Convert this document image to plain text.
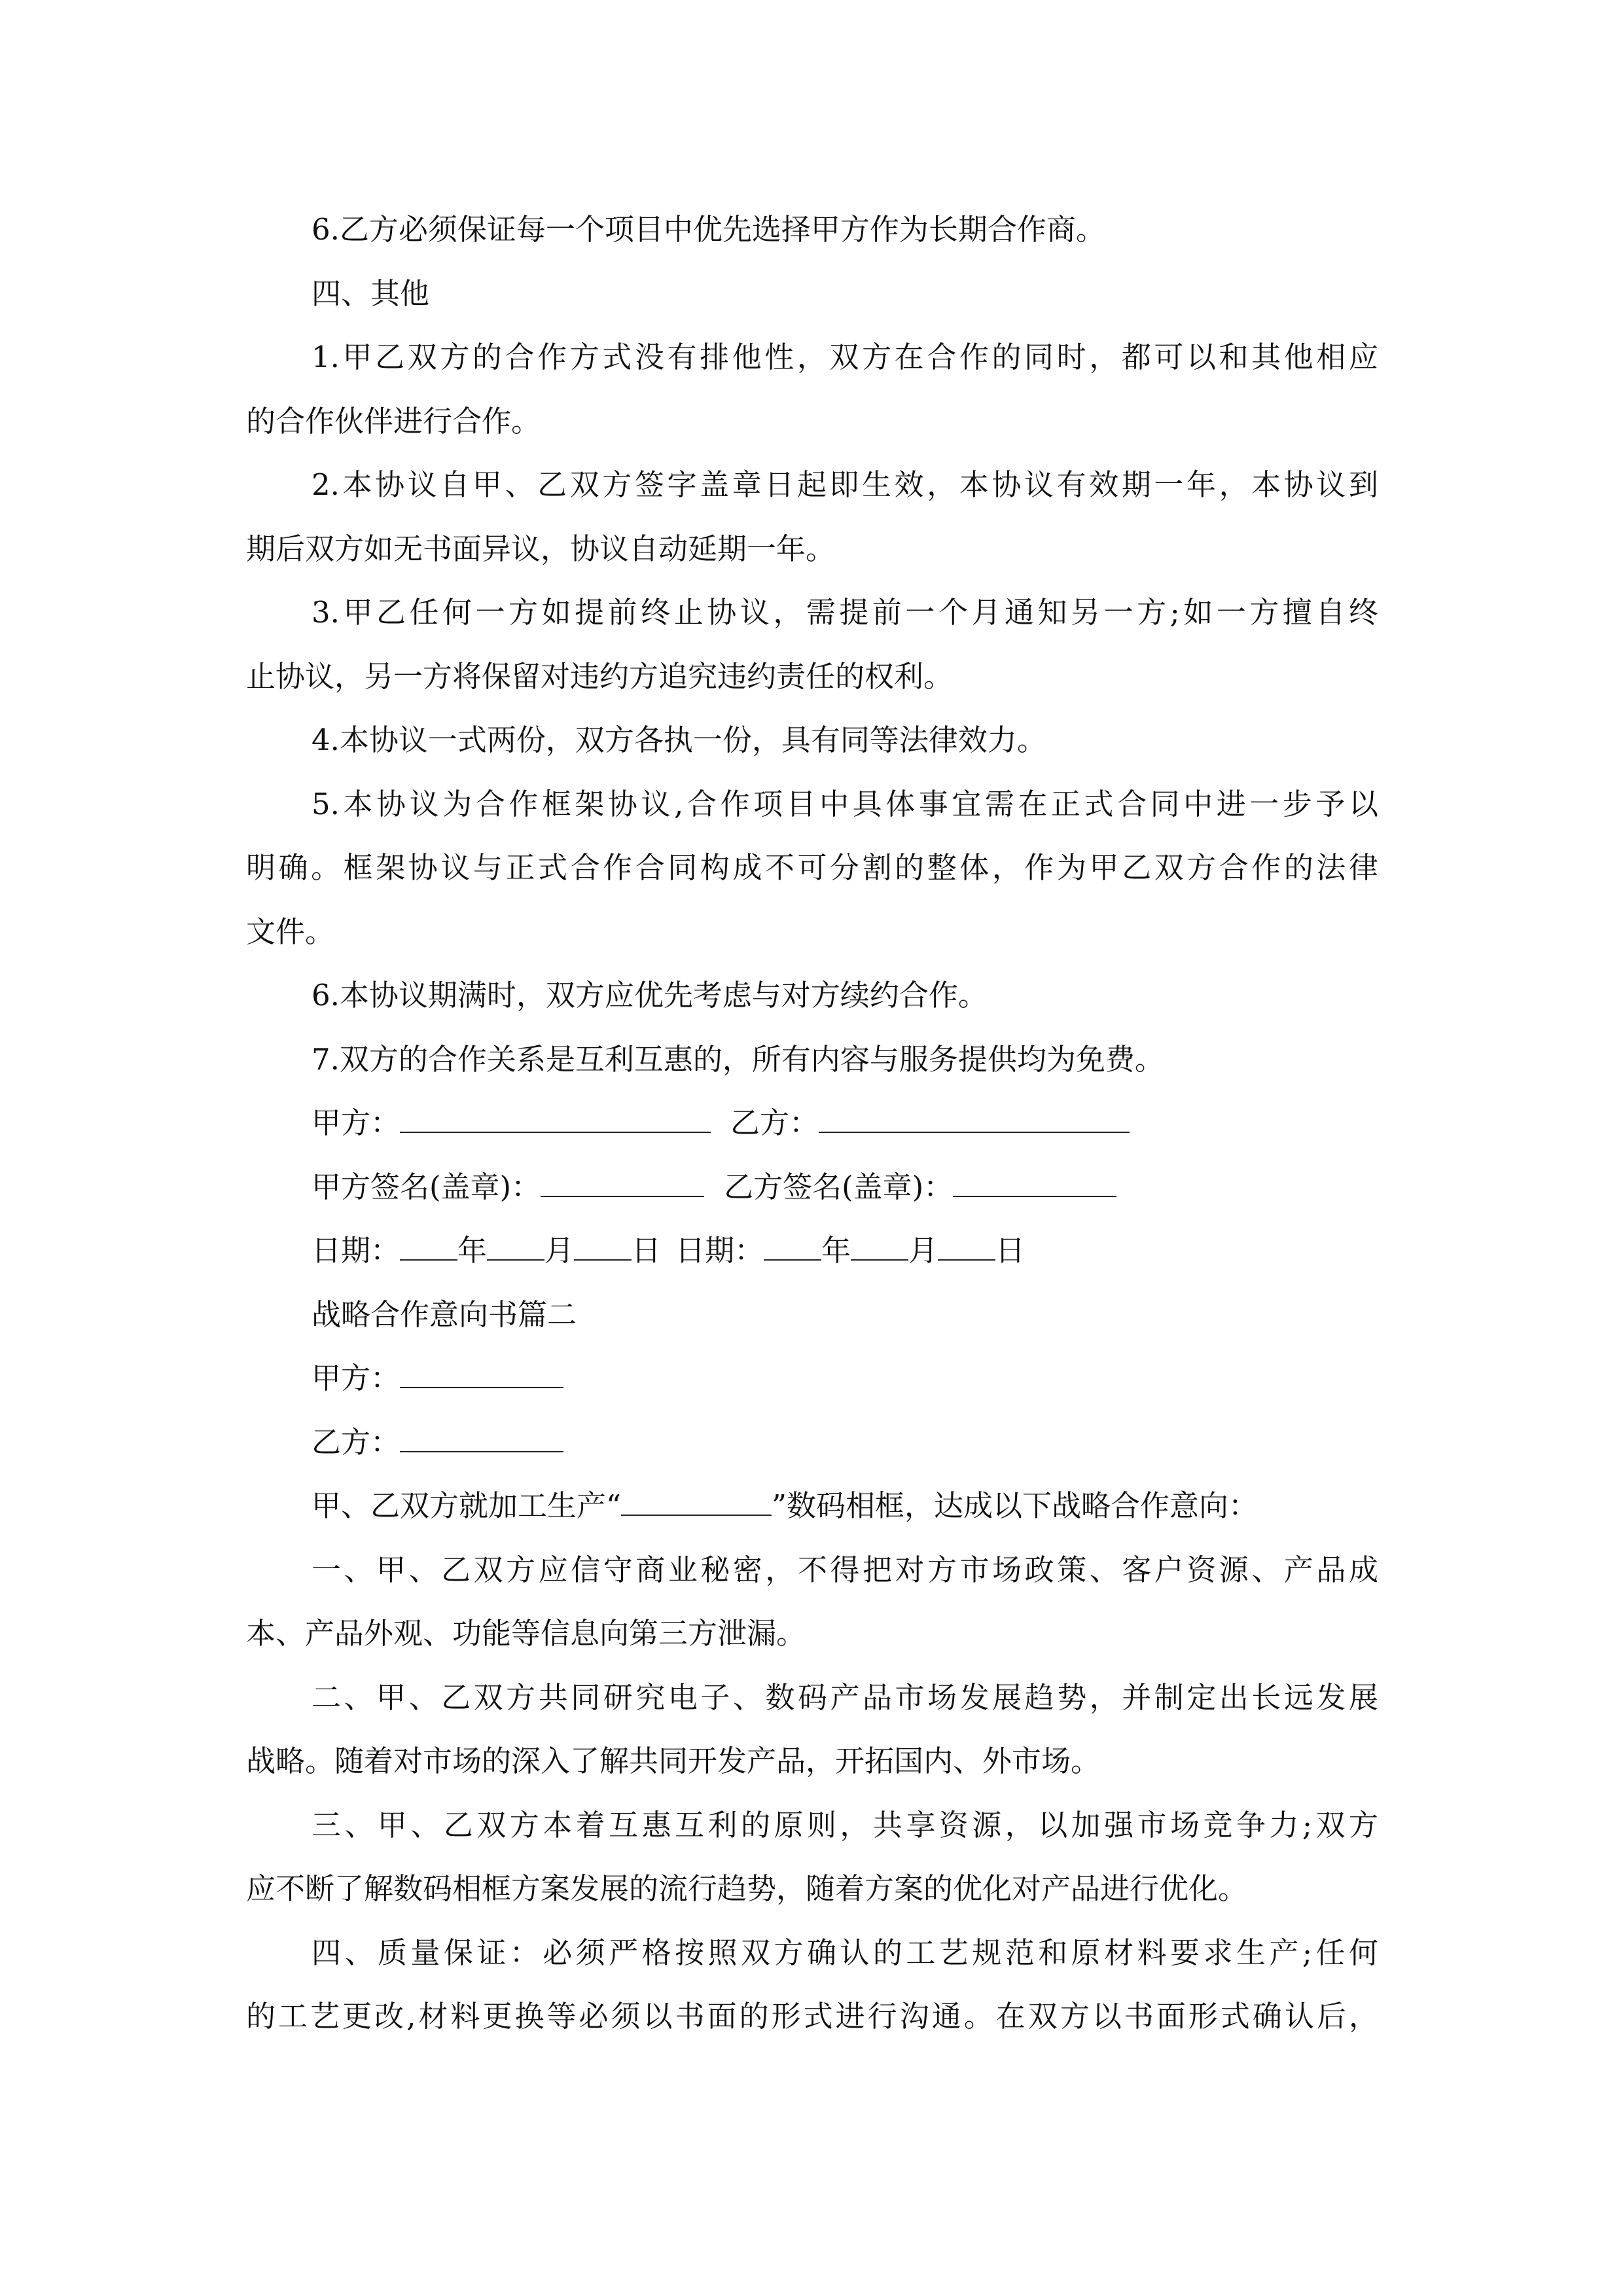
6.乙方必须保证每一个项目中优先选择甲方作为长期合作商。
四、其他
1.甲乙双方的合作方式没有排他性，双方在合作的同时，都可以和其他相应
的合作伙伴进行合作。
2.本协议自甲、乙双方签字盖章日起即生效，本协议有效期一年，本协议到
期后双方如无书面异议，协议自动延期一年。
3.甲乙任何一方如提前终止协议，需提前一个月通知另一方;如一方擅自终
止协议，另一方将保留对违约方追究违约责任的权利。
4.本协议一式两份，双方各执一份，具有同等法律效力。
5.本协议为合作框架协议,合作项目中具体事宜需在正式合同中进一步予以
明确。框架协议与正式合作合同构成不可分割的整体，作为甲乙双方合作的法律
文件。
6.本协议期满时，双方应优先考虑与对方续约合作。
7.双方的合作关系是互利互惠的，所有内容与服务提供均为免费。
甲方：	乙方：
甲方签名(盖章)：	乙方签名(盖章)：
日期： 年 月 日 日期： 年 月 日
战略合作意向书篇二
甲方：
乙方：
甲、乙双方就加工生产“	”数码相框，达成以下战略合作意向：
一、甲、乙双方应信守商业秘密，不得把对方市场政策、客户资源、产品成
本、产品外观、功能等信息向第三方泄漏。
二、甲、乙双方共同研究电子、数码产品市场发展趋势，并制定出长远发展
战略。随着对市场的深入了解共同开发产品，开拓国内、外市场。
三、甲、乙双方本着互惠互利的原则，共享资源，以加强市场竞争力;双方
应不断了解数码相框方案发展的流行趋势，随着方案的优化对产品进行优化。
四、质量保证：必须严格按照双方确认的工艺规范和原材料要求生产;任何
的工艺更改,材料更换等必须以书面的形式进行沟通。在双方以书面形式确认后，
